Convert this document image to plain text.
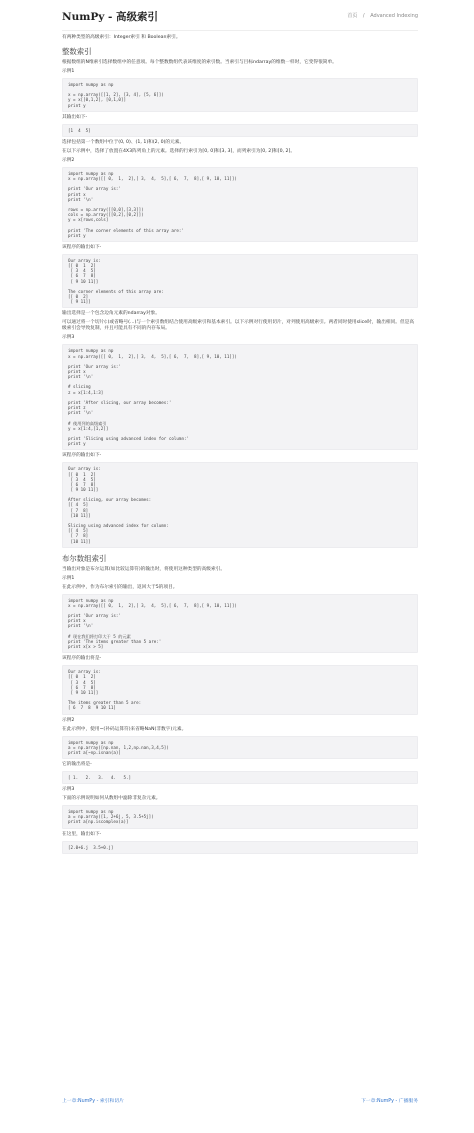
NumPy - 高级索引	首页 / Advanced Indexing

有两种类型的高级索引：Integer索引 和 Boolean索引。

整数索引

根据数组的N维索引选择数组中的任意项。每个整数数组代表该维度的索引数。当索引与目标ndarray的维数一样时，它变得很简单。

示例1

import numpy as np

x = np.array([[1, 2], [3, 4], [5, 6]])
y = x[[0,1,2], [0,1,0]]
print y

其输出如下-

[1  4  5]

选择包括第一个数组中位于(0, 0)、(1, 1)和(2, 0)的元素。

在以下示例中，选择了放置在4X3阵列角上的元素。选择的行索引为[0, 0]和[3, 3]，而列索引为[0, 2]和[0, 2]。

示例2

import numpy as np
x = np.array([[ 0,  1,  2],[ 3,  4,  5],[ 6,  7,  8],[ 9, 10, 11]])

print 'Our array is:'
print x
print '\n'

rows = np.array([[0,0],[3,3]])
cols = np.array([[0,2],[0,2]])
y = x[rows,cols]

print 'The corner elements of this array are:'
print y

该程序的输出如下-

Our array is:
[[ 0  1  2]
[ 3  4  5]
[ 6  7  8]
[ 9 10 11]]

The corner elements of this array are:
[[ 0  2]
[ 9 11]]

输出选择是一个包含边角元素的ndarray对象。

可以通过将一个切片(:)或省略号(...)与一个索引数组结合使用高级索引和基本索引。以下示例对行使用切片，对列使用高级索引。两者同时使用slice时，输出相同。但是高级索引会导致复制，并且可能具有不同的内存布局。

示例3

import numpy as np
x = np.array([[ 0,  1,  2],[ 3,  4,  5],[ 6,  7,  8],[ 9, 10, 11]])

print 'Our array is:'
print x
print '\n'

# slicing
z = x[1:4,1:3]

print 'After slicing, our array becomes:'
print z
print '\n'

# 使用列的高级索引
y = x[1:4,[1,2]]

print 'Slicing using advanced index for column:'
print y

该程序的输出如下-

Our array is:
[[ 0  1  2]
[ 3  4  5]
[ 6  7  8]
[ 9 10 11]]

After slicing, our array becomes:
[[ 4  5]
[ 7  8]
[10 11]]

Slicing using advanced index for column:
[[ 4  5]
[ 7  8]
[10 11]]
布尔数组索引

当输出对象是布尔运算(如比较运算符)的输出时，将使用这种类型的高级索引。

示例1

在此示例中，作为布尔索引的输出，返回大于5的项目。

import numpy as np
x = np.array([[ 0,  1,  2],[ 3,  4,  5],[ 6,  7,  8],[ 9, 10, 11]])

print 'Our array is:'
print x
print '\n'

# 现在我们将打印大于 5 的元素
print 'The items greater than 5 are:'
print x[x > 5]

该程序的输出将是-

Our array is:
[[ 0  1  2]
[ 3  4  5]
[ 6  7  8]
[ 9 10 11]]

The items greater than 5 are:
[ 6  7  8  9 10 11]

示例2

在此示例中，使用~(补码运算符)来省略NaN(非数字)元素。

import numpy as np
a = np.array([np.nan, 1,2,np.nan,3,4,5])
print a[~np.isnan(a)]

它的输出将是-

[ 1.   2.   3.   4.   5.]

示例3

下面的示例说明如何从数组中滤除非复杂元素。

import numpy as np
a = np.array([1, 2+6j, 5, 3.5+5j])
print a[np.iscomplex(a)]

在这里，输出如下-

[2.0+6.j  3.5+0.j]
上一章:NumPy - 索引和切片	下一章:NumPy - 广播服务
